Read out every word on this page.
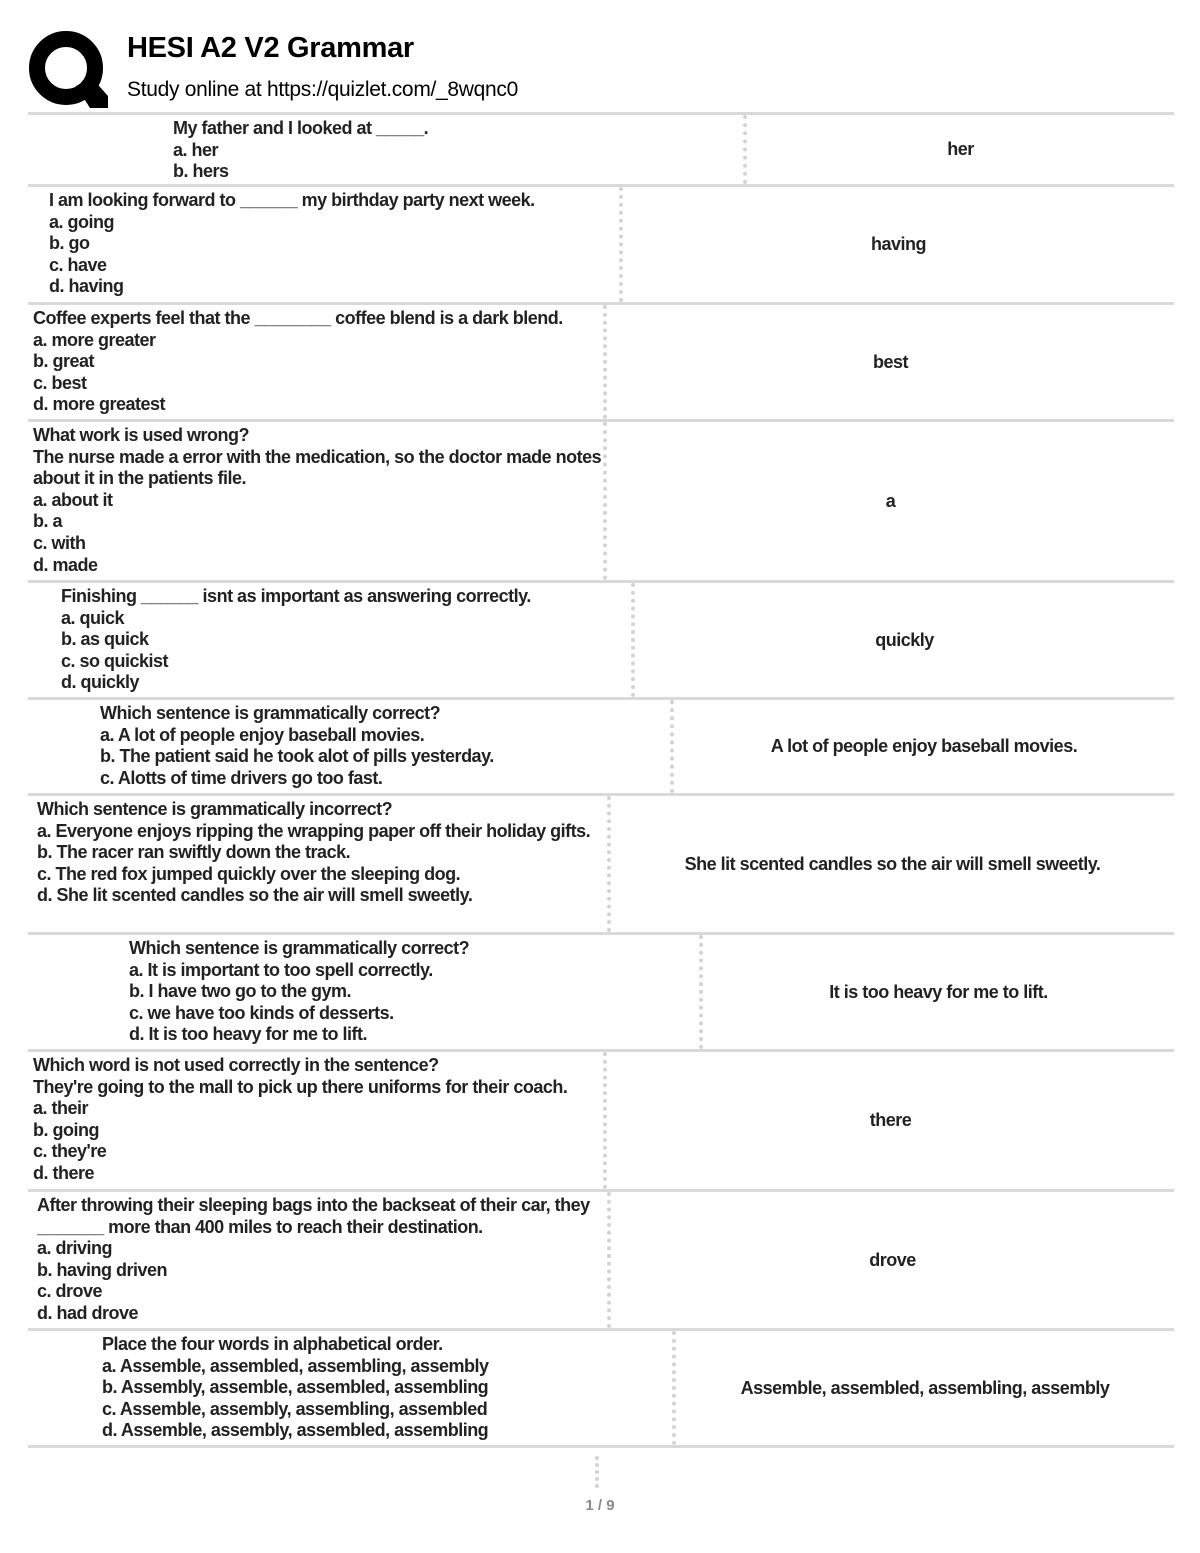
HESI A2 V2 Grammar

Study online at https://quizlet.com/_8wqnc0

My father and I looked at _____.
a. her
b. hers
her
I am looking forward to ______ my birthday party next week.
a. going
b. go
c. have
d. having
having
Coffee experts feel that the ________ coffee blend is a dark blend.
a. more greater
b. great
c. best
d. more greatest
best
What work is used wrong?
The nurse made a error with the medication, so the doctor made notes about it in the patients file.
a. about it
b. a
c. with
d. made
a
Finishing ______ isnt as important as answering correctly.
a. quick
b. as quick
c. so quickist
d. quickly
quickly
Which sentence is grammatically correct?
a. A lot of people enjoy baseball movies.
b. The patient said he took alot of pills yesterday.
c. Alotts of time drivers go too fast.
A lot of people enjoy baseball movies.
Which sentence is grammatically incorrect?
a. Everyone enjoys ripping the wrapping paper off their holiday gifts.
b. The racer ran swiftly down the track.
c. The red fox jumped quickly over the sleeping dog.
d. She lit scented candles so the air will smell sweetly.
She lit scented candles so the air will smell sweetly.
Which sentence is grammatically correct?
a. It is important to too spell correctly.
b. I have two go to the gym.
c. we have too kinds of desserts.
d. It is too heavy for me to lift.
It is too heavy for me to lift.
Which word is not used correctly in the sentence?
They're going to the mall to pick up there uniforms for their coach.
a. their
b. going
c. they're
d. there
there
After throwing their sleeping bags into the backseat of their car, they _______ more than 400 miles to reach their destination.
a. driving
b. having driven
c. drove
d. had drove
drove
Place the four words in alphabetical order.
a. Assemble, assembled, assembling, assembly
b. Assembly, assemble, assembled, assembling
c. Assemble, assembly, assembling, assembled
d. Assemble, assembly, assembled, assembling
Assemble, assembled, assembling, assembly
1 / 9
